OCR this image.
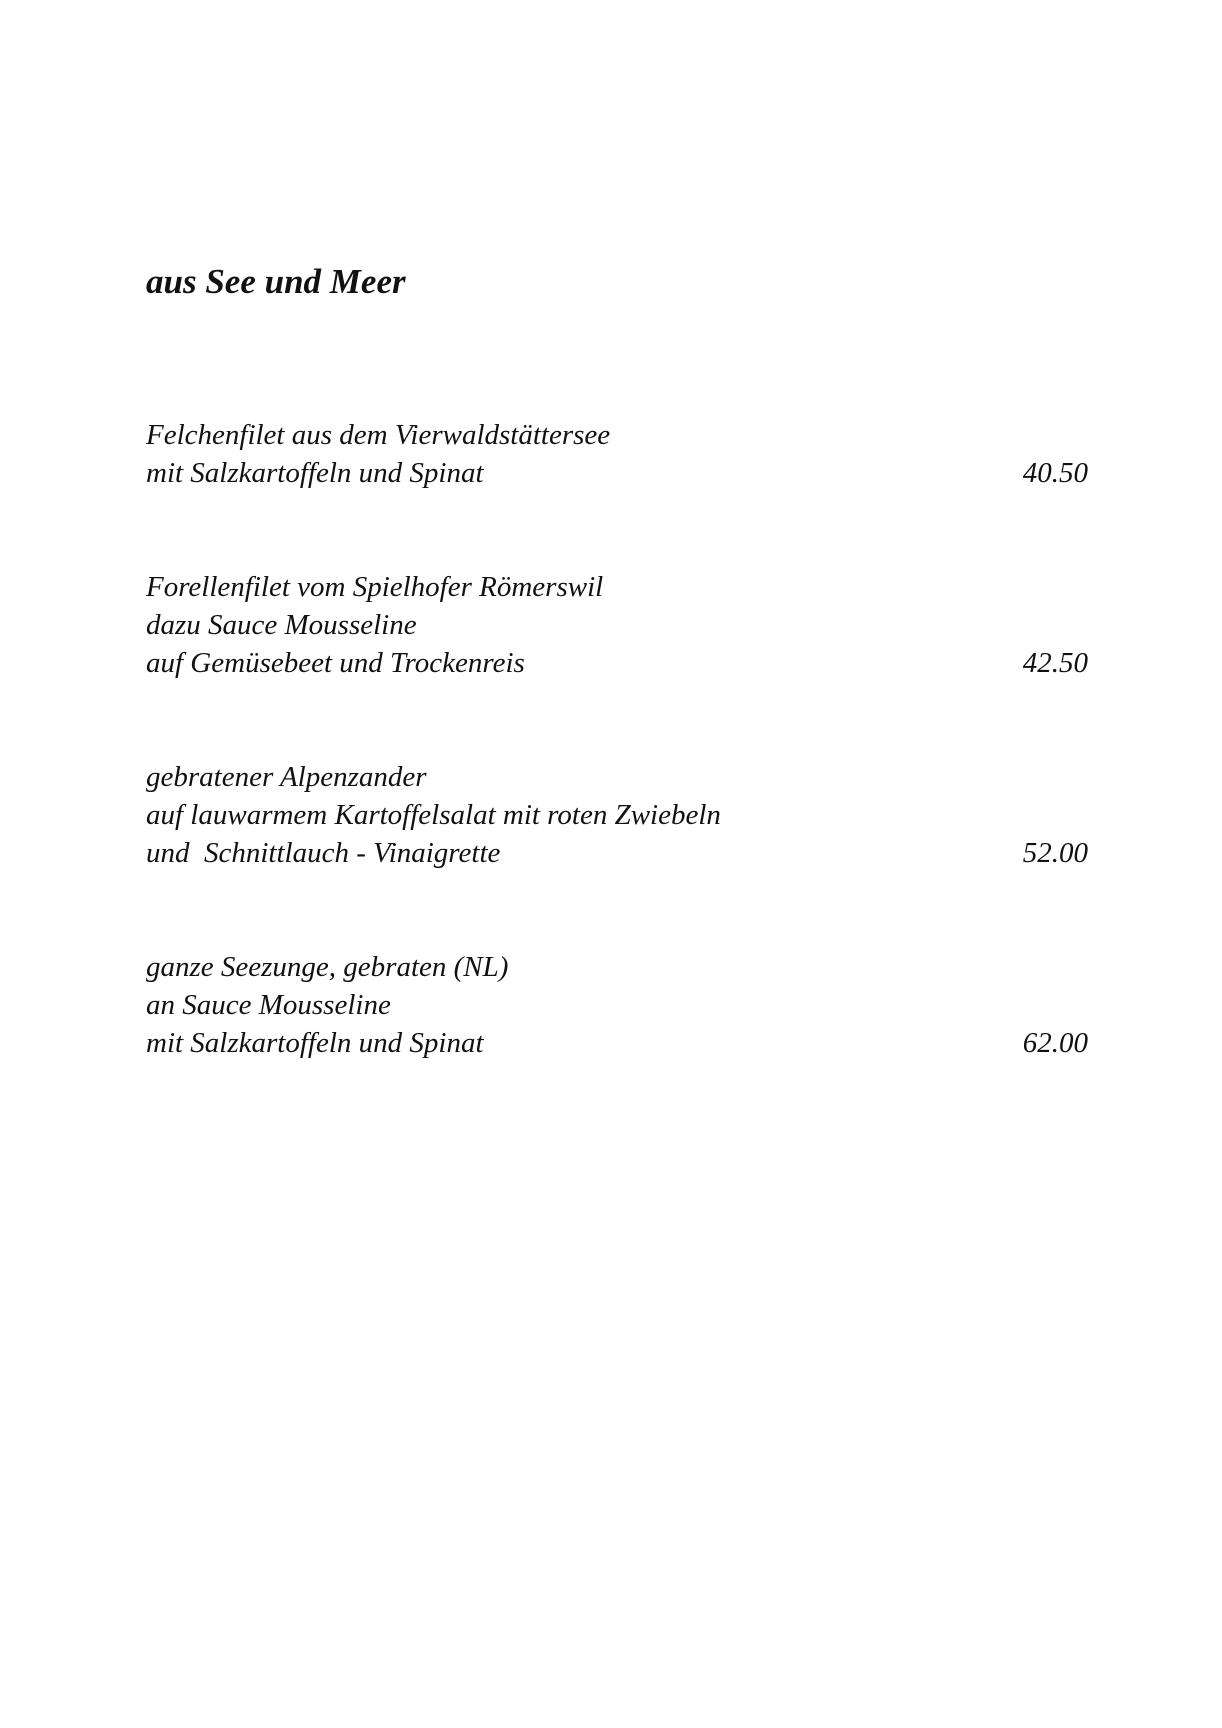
aus See und Meer
Felchenfilet aus dem Vierwaldstättersee
mit Salzkartoffeln und Spinat	40.50
Forellenfilet vom Spielhofer Römerswil
dazu Sauce Mousseline
auf Gemüsebeet und Trockenreis	42.50
gebratener Alpenzander
auf lauwarmem Kartoffelsalat mit roten Zwiebeln
und  Schnittlauch - Vinaigrette	52.00
ganze Seezunge, gebraten (NL)
an Sauce Mousseline
mit Salzkartoffeln und Spinat	62.00
